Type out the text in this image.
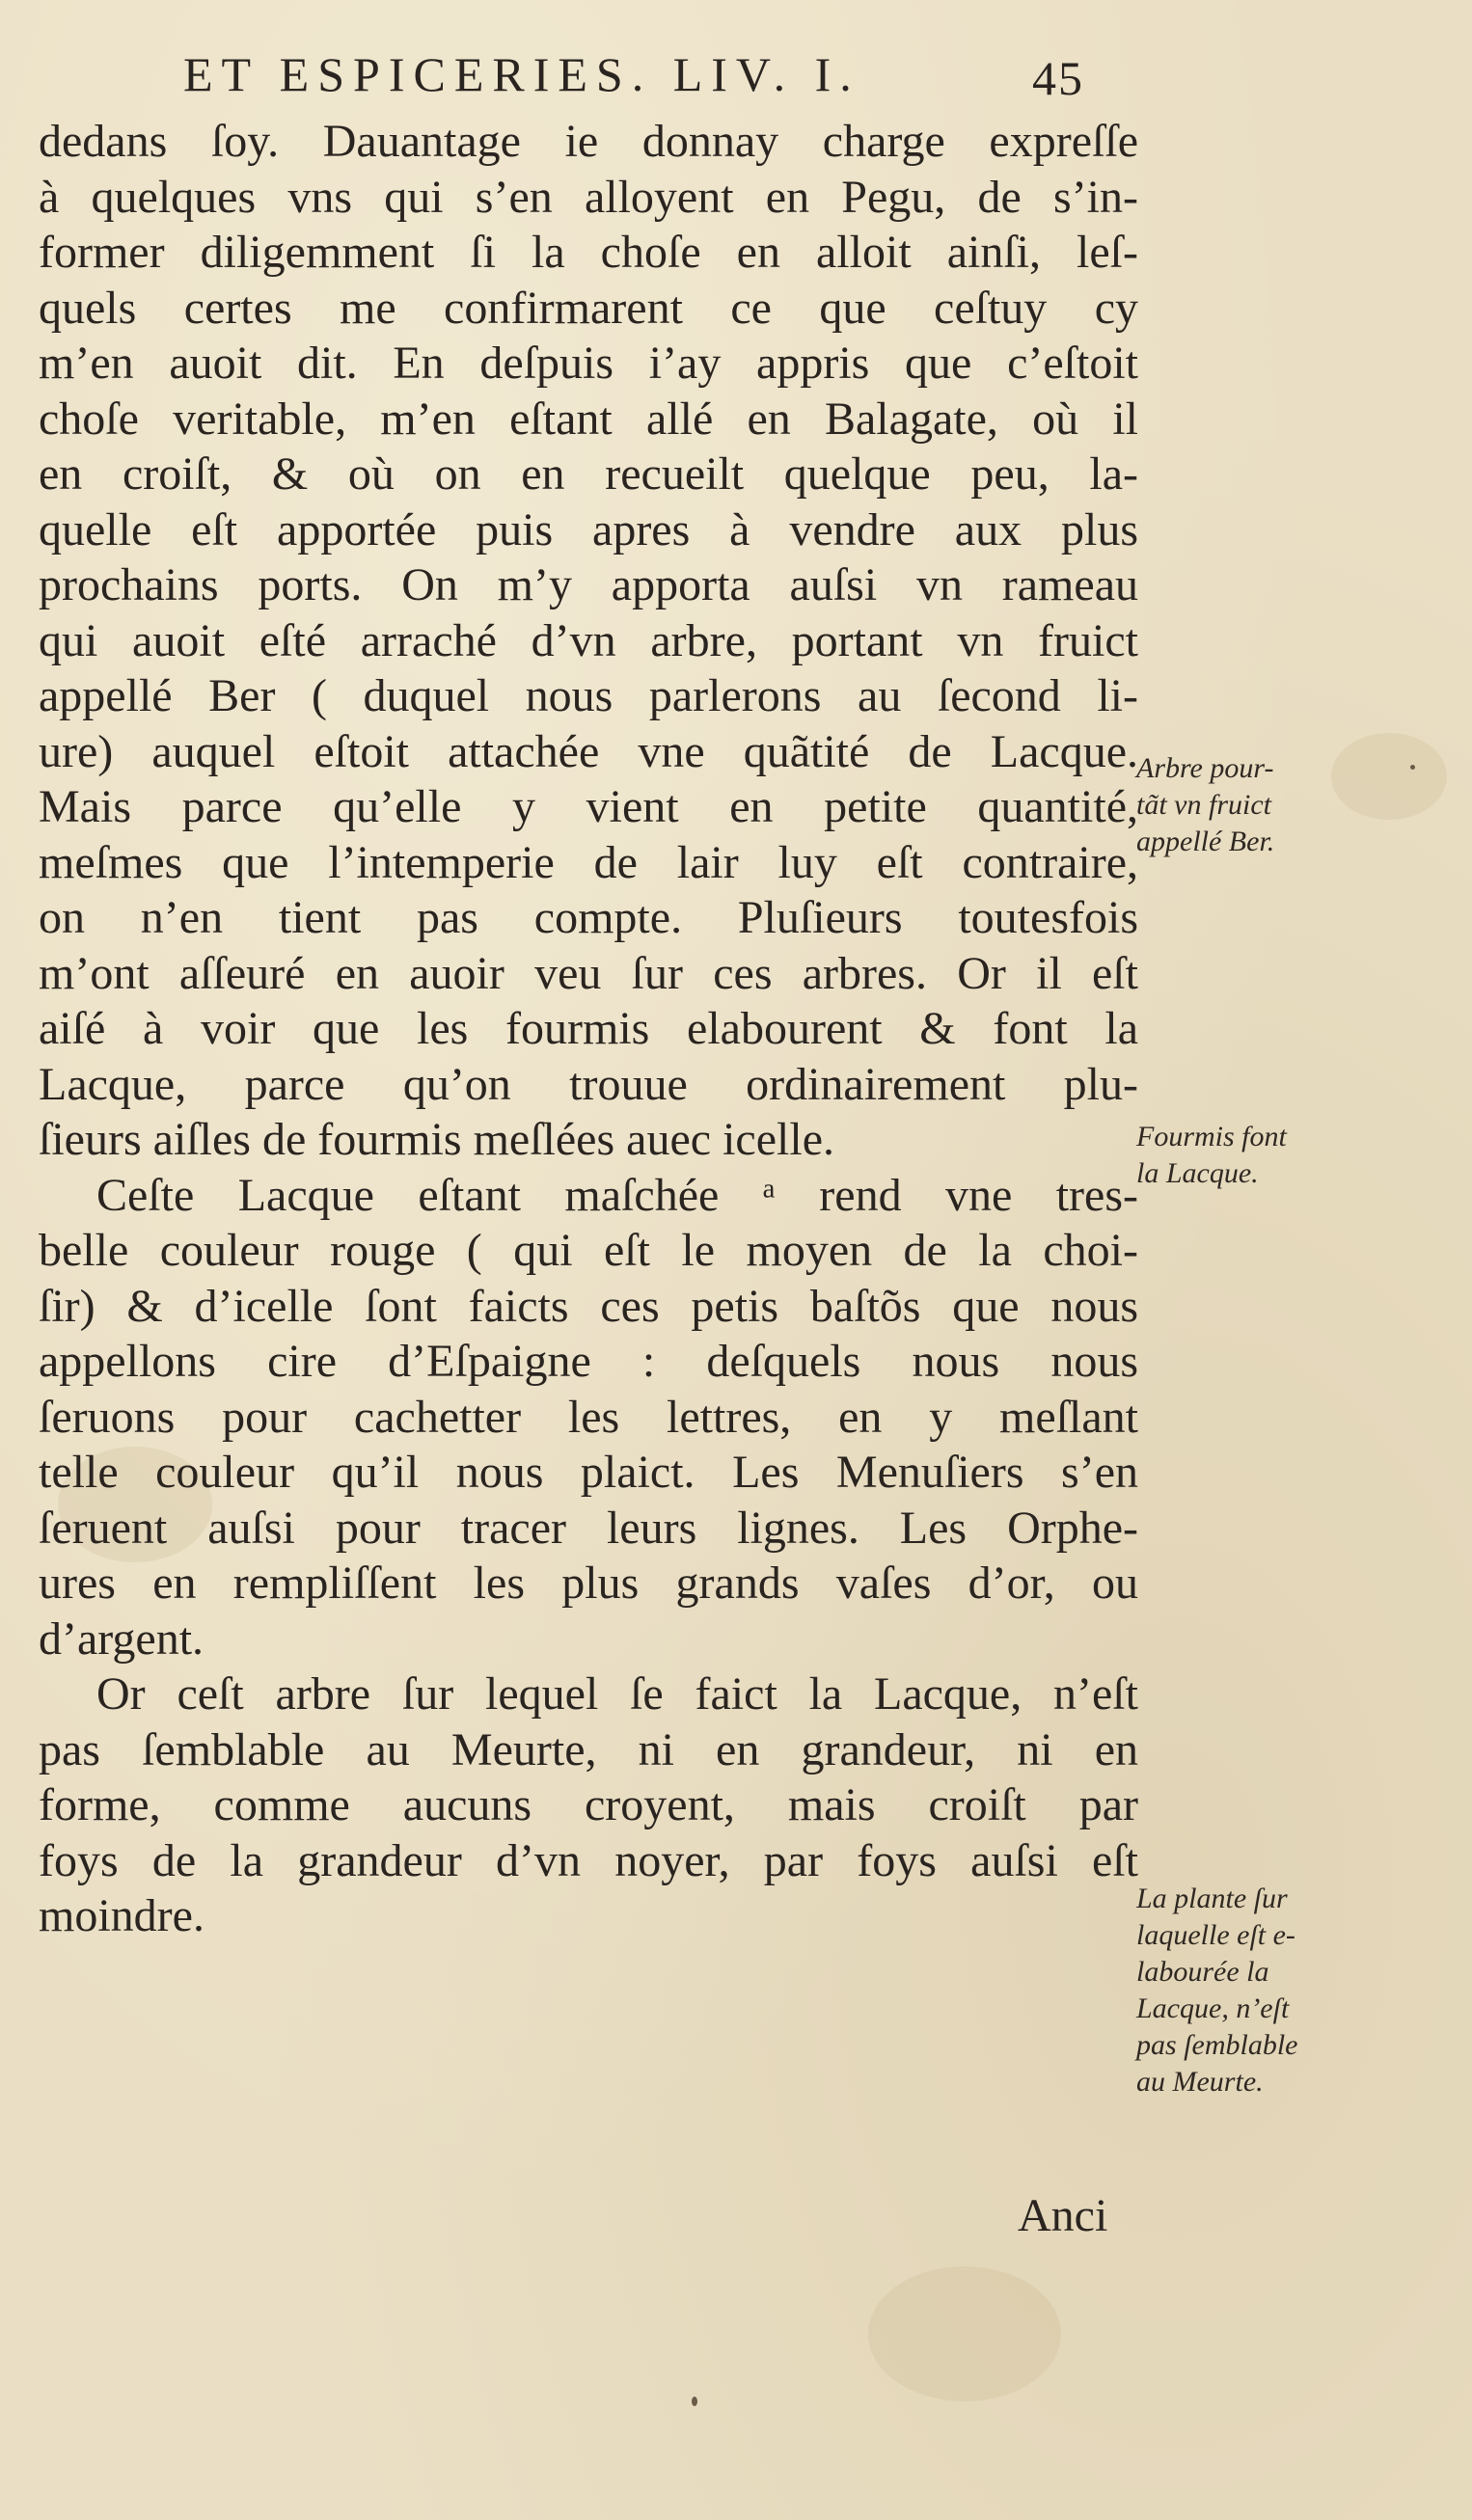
ET ESPICERIES. LIV. I.	45
dedans ſoy. Dauantage ie donnay charge expreſſe
à quelques vns qui s’en alloyent en Pegu, de s’in-
former diligemment ſi la choſe en alloit ainſi, leſ-
quels certes me confirmarent ce que ceſtuy cy
m’en auoit dit. En deſpuis i’ay appris que c’eſtoit
choſe veritable, m’en eſtant allé en Balagate, où il
en croiſt, & où on en recueilt quelque peu, la-
quelle eſt apportée puis apres à vendre aux plus
prochains ports. On m’y apporta auſsi vn rameau
qui auoit eſté arraché d’vn arbre, portant vn fruict
appellé Ber ( duquel nous parlerons au ſecond li-
ure) auquel eſtoit attachée vne quãtité de Lacque.
Mais parce qu’elle y vient en petite quantité,
meſmes que l’intemperie de lair luy eſt contraire,
on n’en tient pas compte. Pluſieurs toutesfois
m’ont aſſeuré en auoir veu ſur ces arbres. Or il eſt
aiſé à voir que les fourmis elabourent & font la
Lacque, parce qu’on trouue ordinairement plu-
ſieurs aiſles de fourmis meſlées auec icelle.
Ceſte Lacque eſtant maſchée ᵃ rend vne tres-
belle couleur rouge ( qui eſt le moyen de la choi-
ſir) & d’icelle ſont faicts ces petis baſtõs que nous
appellons cire d’Eſpaigne : deſquels nous nous
ſeruons pour cachetter les lettres, en y meſlant
telle couleur qu’il nous plaict. Les Menuſiers s’en
ſeruent auſsi pour tracer leurs lignes. Les Orphe-
ures en rempliſſent les plus grands vaſes d’or, ou
d’argent.
Or ceſt arbre ſur lequel ſe faict la Lacque, n’eſt
pas ſemblable au Meurte, ni en grandeur, ni en
forme, comme aucuns croyent, mais croiſt par
foys de la grandeur d’vn noyer, par foys auſsi eſt
moindre.
Arbre pour-
tãt vn fruict
appellé Ber.
Fourmis font
la Lacque.
La plante ſur
laquelle eſt e-
labourée la
Lacque, n’eſt
pas ſemblable
au Meurte.
Anci
